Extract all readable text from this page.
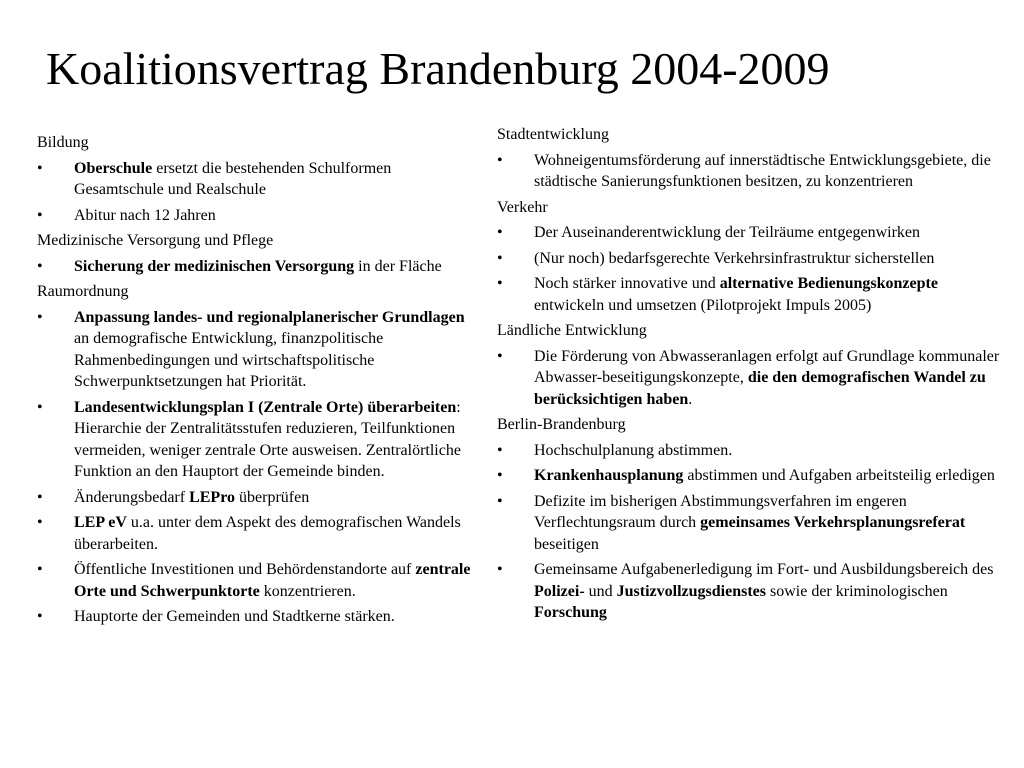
Koalitionsvertrag Brandenburg 2004-2009
Bildung
• Oberschule ersetzt die bestehenden Schulformen Gesamtschule und Realschule
• Abitur nach 12 Jahren
Medizinische Versorgung und Pflege
• Sicherung der medizinischen Versorgung in der Fläche
Raumordnung
• Anpassung landes- und regionalplanerischer Grundlagen an demografische Entwicklung, finanzpolitische Rahmenbedingungen und wirtschaftspolitische Schwerpunktsetzungen hat Priorität.
• Landesentwicklungsplan I (Zentrale Orte) überarbeiten: Hierarchie der Zentralitätsstufen reduzieren, Teilfunktionen vermeiden, weniger zentrale Orte ausweisen. Zentralörtliche Funktion an den Hauptort der Gemeinde binden.
• Änderungsbedarf LEPro überprüfen
• LEP eV u.a. unter dem Aspekt des demografischen Wandels überarbeiten.
• Öffentliche Investitionen und Behördenstandorte auf zentrale Orte und Schwerpunktorte konzentrieren.
• Hauptorte der Gemeinden und Stadtkerne stärken.
Stadtentwicklung
• Wohneigentumsförderung auf innerstädtische Entwicklungsgebiete, die städtische Sanierungsfunktionen besitzen, zu konzentrieren
Verkehr
• Der Auseinanderentwicklung der Teilräume entgegenwirken
• (Nur noch) bedarfsgerechte Verkehrsinfrastruktur sicherstellen
• Noch stärker innovative und alternative Bedienungskonzepte entwickeln und umsetzen (Pilotprojekt Impuls 2005)
Ländliche Entwicklung
• Die Förderung von Abwasseranlagen erfolgt auf Grundlage kommunaler Abwasser-beseitigungskonzepte, die den demografischen Wandel zu berücksichtigen haben.
Berlin-Brandenburg
• Hochschulplanung abstimmen.
• Krankenhausplanung abstimmen und Aufgaben arbeitsteilig erledigen
• Defizite im bisherigen Abstimmungsverfahren im engeren Verflechtungsraum durch gemeinsames Verkehrsplanungsreferat beseitigen
• Gemeinsame Aufgabenerledigung im Fort- und Ausbildungsbereich des Polizei- und Justizvollzugsdienstes sowie der kriminologischen Forschung
